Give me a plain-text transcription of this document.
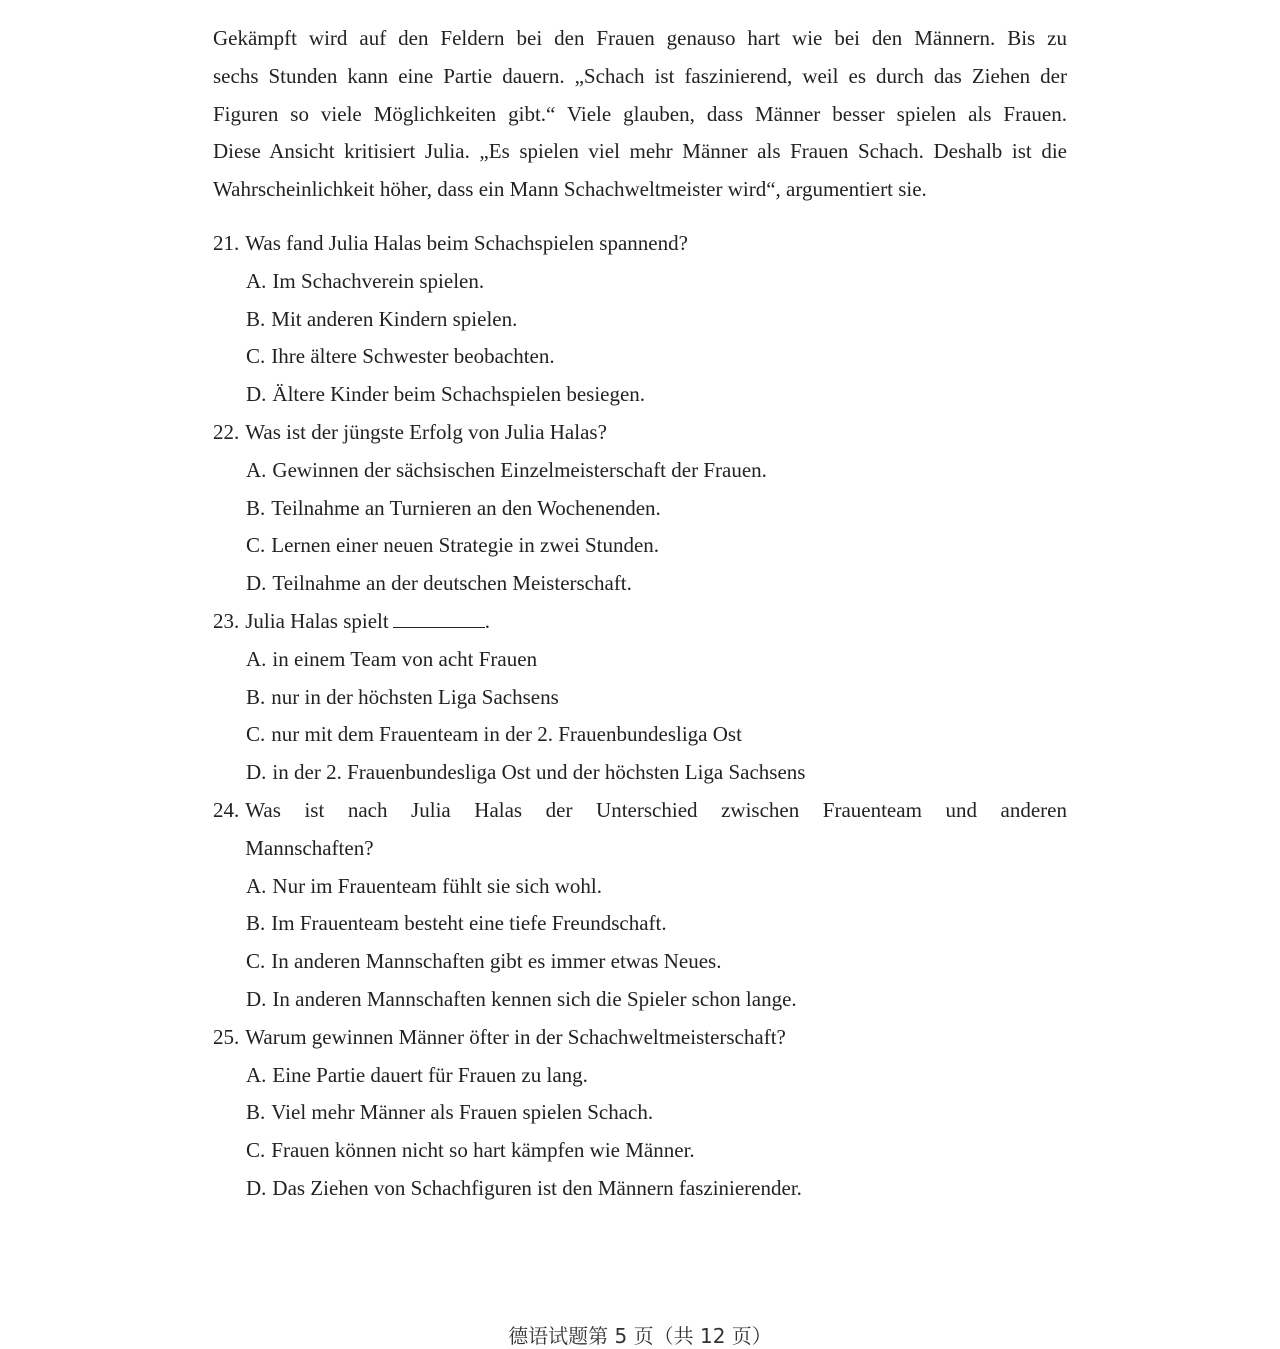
Gekämpft wird auf den Feldern bei den Frauen genauso hart wie bei den Männern. Bis zu
sechs Stunden kann eine Partie dauern. „Schach ist faszinierend, weil es durch das Ziehen der
Figuren so viele Möglichkeiten gibt.“ Viele glauben, dass Männer besser spielen als Frauen.
Diese Ansicht kritisiert Julia. „Es spielen viel mehr Männer als Frauen Schach. Deshalb ist die
Wahrscheinlichkeit höher, dass ein Mann Schachweltmeister wird“, argumentiert sie.
21. Was fand Julia Halas beim Schachspielen spannend?
A. Im Schachverein spielen.
B. Mit anderen Kindern spielen.
C. Ihre ältere Schwester beobachten.
D. Ältere Kinder beim Schachspielen besiegen.
22. Was ist der jüngste Erfolg von Julia Halas?
A. Gewinnen der sächsischen Einzelmeisterschaft der Frauen.
B. Teilnahme an Turnieren an den Wochenenden.
C. Lernen einer neuen Strategie in zwei Stunden.
D. Teilnahme an der deutschen Meisterschaft.
23. Julia Halas spielt	.
A. in einem Team von acht Frauen
B. nur in der höchsten Liga Sachsens
C. nur mit dem Frauenteam in der 2. Frauenbundesliga Ost
D. in der 2. Frauenbundesliga Ost und der höchsten Liga Sachsens
24. Was ist nach Julia Halas der Unterschied zwischen Frauenteam und anderen
Mannschaften?
A. Nur im Frauenteam fühlt sie sich wohl.
B. Im Frauenteam besteht eine tiefe Freundschaft.
C. In anderen Mannschaften gibt es immer etwas Neues.
D. In anderen Mannschaften kennen sich die Spieler schon lange.
25. Warum gewinnen Männer öfter in der Schachweltmeisterschaft?
A. Eine Partie dauert für Frauen zu lang.
B. Viel mehr Männer als Frauen spielen Schach.
C. Frauen können nicht so hart kämpfen wie Männer.
D. Das Ziehen von Schachfiguren ist den Männern faszinierender.
德语试题第 5 页（共 12 页）
